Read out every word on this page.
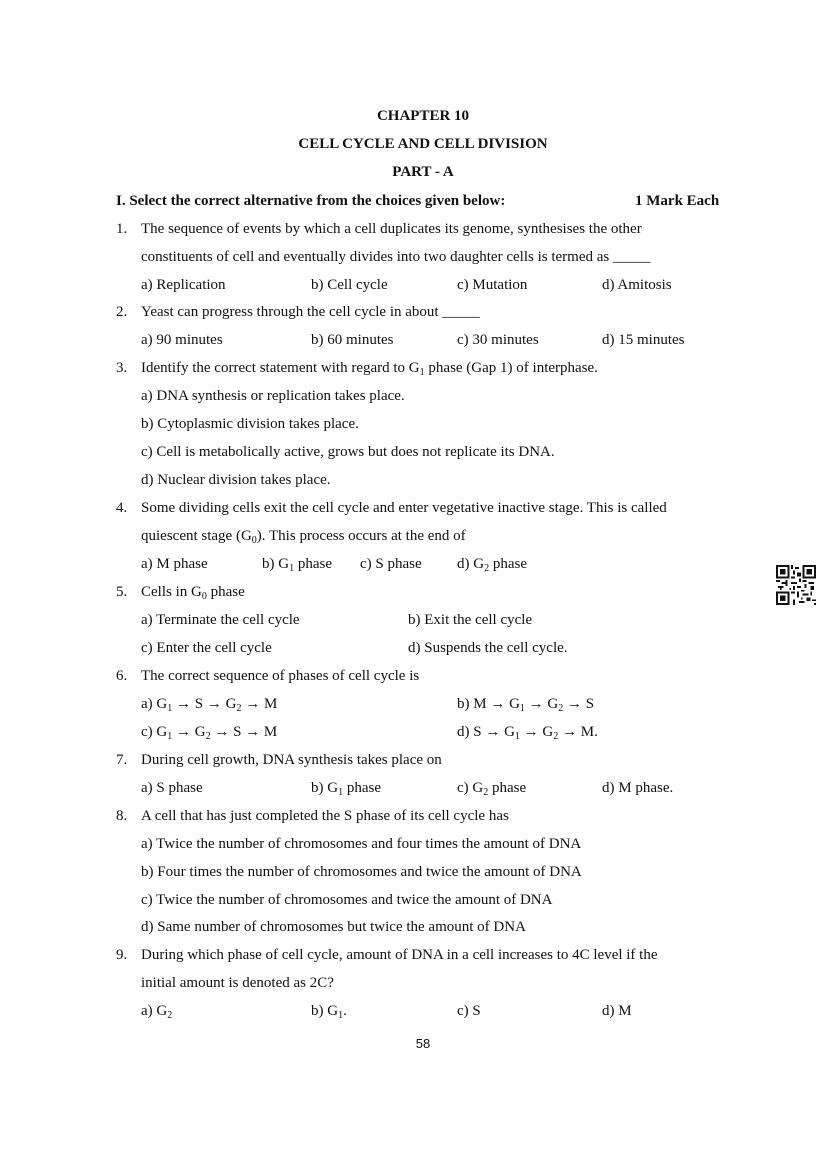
CHAPTER 10
CELL CYCLE AND CELL DIVISION
PART - A
I. Select the correct alternative from the choices given below:	1 Mark Each
1. The sequence of events by which a cell duplicates its genome, synthesises the other
constituents of cell and eventually divides into two daughter cells is termed as _____
a) Replication	b) Cell cycle	c) Mutation	d) Amitosis
2. Yeast can progress through the cell cycle in about _____
a) 90 minutes	b) 60 minutes	c) 30 minutes	d) 15 minutes
3. Identify the correct statement with regard to $G_1$ phase (Gap 1) of interphase.
a) DNA synthesis or replication takes place.
b) Cytoplasmic division takes place.
c) Cell is metabolically active, grows but does not replicate its DNA.
d) Nuclear division takes place.
4. Some dividing cells exit the cell cycle and enter vegetative inactive stage. This is called
quiescent stage $(G_0)$. This process occurs at the end of
a) M phase	b) $G_1$ phase c) S phase d) $G_2$ phase
5. Cells in $G_0$ phase
a) Terminate the cell cycle	b) Exit the cell cycle
c) Enter the cell cycle	d) Suspends the cell cycle.
6. The correct sequence of phases of cell cycle is
a) $G_1 \to S \to G_2 \to M$	b) $M \to G_1 \to G_2 \to S$
c) $G_1 \to G_2 \to S \to M$	d) $S \to G_1 \to G_2 \to M$.
7. During cell growth, DNA synthesis takes place on
a) S phase	b) $G_1$ phase	c) $G_2$ phase	d) M phase.
8. A cell that has just completed the S phase of its cell cycle has
a) Twice the number of chromosomes and four times the amount of DNA
b) Four times the number of chromosomes and twice the amount of DNA
c) Twice the number of chromosomes and twice the amount of DNA
d) Same number of chromosomes but twice the amount of DNA
9. During which phase of cell cycle, amount of DNA in a cell increases to 4C level if the
initial amount is denoted as 2C?
a) $G_2$	b) $G_1$.	c) S	d) M
58
